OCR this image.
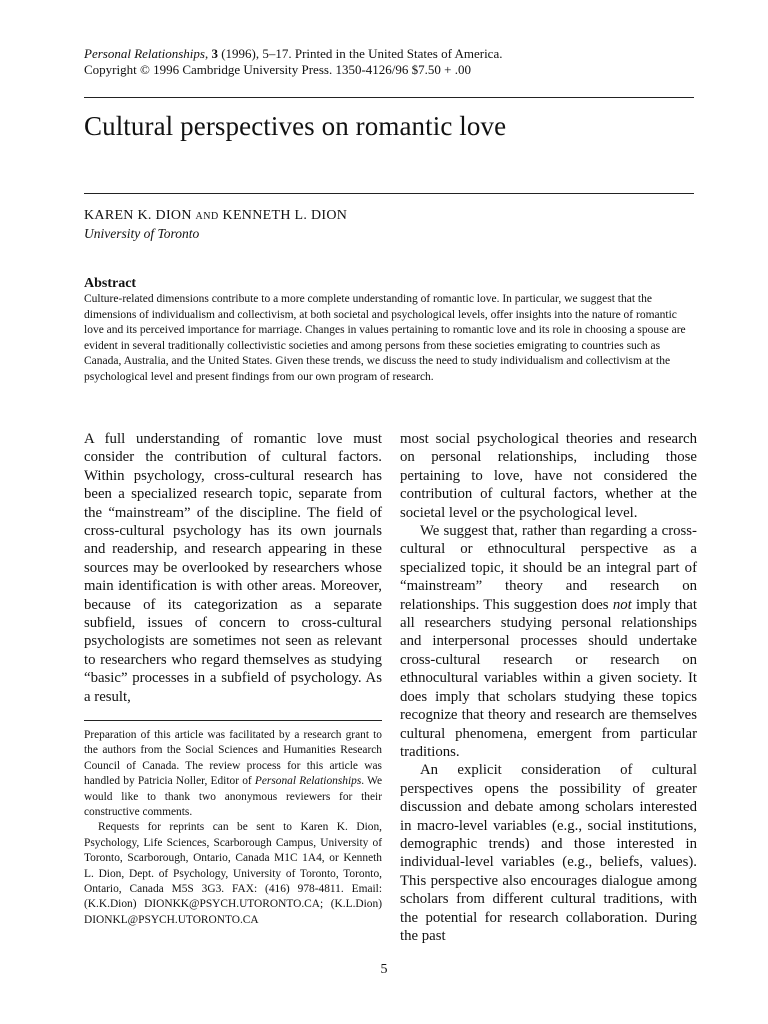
Personal Relationships, 3 (1996), 5–17. Printed in the United States of America.
Copyright © 1996 Cambridge University Press. 1350-4126/96 $7.50 + .00
Cultural perspectives on romantic love
KAREN K. DION AND KENNETH L. DION
University of Toronto
Abstract

Culture-related dimensions contribute to a more complete understanding of romantic love. In particular, we suggest that the dimensions of individualism and collectivism, at both societal and psychological levels, offer insights into the nature of romantic love and its perceived importance for marriage. Changes in values pertaining to romantic love and its role in choosing a spouse are evident in several traditionally collectivistic societies and among persons from these societies emigrating to countries such as Canada, Australia, and the United States. Given these trends, we discuss the need to study individualism and collectivism at the psychological level and present findings from our own program of research.

A full understanding of romantic love must consider the contribution of cultural factors. Within psychology, cross-cultural research has been a specialized research topic, separate from the “mainstream” of the discipline. The field of cross-cultural psychology has its own journals and readership, and research appearing in these sources may be overlooked by researchers whose main identification is with other areas. Moreover, because of its categorization as a separate subfield, issues of concern to cross-cultural psychologists are sometimes not seen as relevant to researchers who regard themselves as studying “basic” processes in a subfield of psychology. As a result,

Preparation of this article was facilitated by a research grant to the authors from the Social Sciences and Humanities Research Council of Canada. The review process for this article was handled by Patricia Noller, Editor of Personal Relationships. We would like to thank two anonymous reviewers for their constructive comments.

Requests for reprints can be sent to Karen K. Dion, Psychology, Life Sciences, Scarborough Campus, University of Toronto, Scarborough, Ontario, Canada M1C 1A4, or Kenneth L. Dion, Dept. of Psychology, University of Toronto, Toronto, Ontario, Canada M5S 3G3. FAX: (416) 978-4811. Email: (K.K.Dion) DIONKK@PSYCH.UTORONTO.CA; (K.L.Dion) DIONKL@PSYCH.UTORONTO.CA

most social psychological theories and research on personal relationships, including those pertaining to love, have not considered the contribution of cultural factors, whether at the societal level or the psychological level.

We suggest that, rather than regarding a cross-cultural or ethnocultural perspective as a specialized topic, it should be an integral part of “mainstream” theory and research on relationships. This suggestion does not imply that all researchers studying personal relationships and interpersonal processes should undertake cross-cultural research or research on ethnocultural variables within a given society. It does imply that scholars studying these topics recognize that theory and research are themselves cultural phenomena, emergent from particular traditions.

An explicit consideration of cultural perspectives opens the possibility of greater discussion and debate among scholars interested in macro-level variables (e.g., social institutions, demographic trends) and those interested in individual-level variables (e.g., beliefs, values). This perspective also encourages dialogue among scholars from different cultural traditions, with the potential for research collaboration. During the past

5
